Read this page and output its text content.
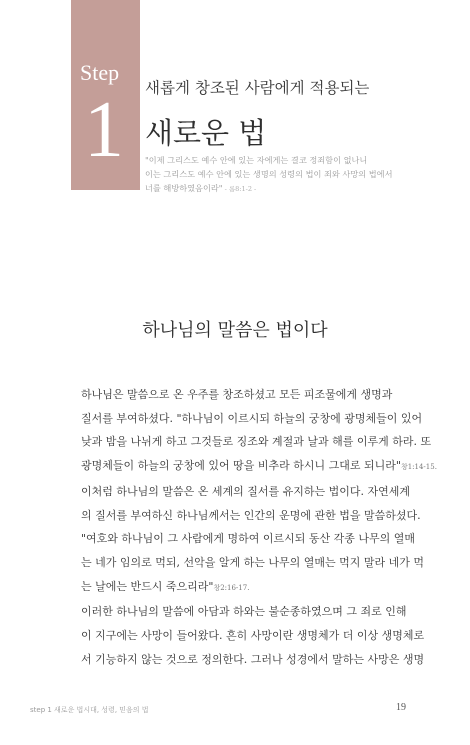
Step
1 새롭게 창조된 사람에게 적용되는
새로운 법

"이제 그리스도 예수 안에 있는 자에게는 결코 정죄함이 없나니

이는 그리스도 예수 안에 있는 생명의 성령의 법이 죄와 사망의 법에서

너를 해방하였음이라" - 롬8:1-2 -

하나님의 말씀은 법이다

하나님은 말씀으로 온 우주를 창조하셨고 모든 피조물에게 생명과

질서를 부여하셨다. "하나님이 이르시되 하늘의 궁창에 광명체들이 있어

낮과 밤을 나뉘게 하고 그것들로 징조와 계절과 날과 해를 이루게 하라. 또

광명체들이 하늘의 궁창에 있어 땅을 비추라 하시니 그대로 되니라"창1:14-15.

이처럼 하나님의 말씀은 온 세계의 질서를 유지하는 법이다. 자연세계

의 질서를 부여하신 하나님께서는 인간의 운명에 관한 법을 말씀하셨다.

"여호와 하나님이 그 사람에게 명하여 이르시되 동산 각종 나무의 열매

는 네가 임의로 먹되, 선악을 알게 하는 나무의 열매는 먹지 말라 네가 먹

는 날에는 반드시 죽으리라"창2:16-17.

이러한 하나님의 말씀에 아담과 하와는 불순종하였으며 그 죄로 인해

이 지구에는 사망이 들어왔다. 흔히 사망이란 생명체가 더 이상 생명체로

서 기능하지 않는 것으로 정의한다. 그러나 성경에서 말하는 사망은 생명

step 1 새로운 법시대, 성령, 믿음의 법	19
